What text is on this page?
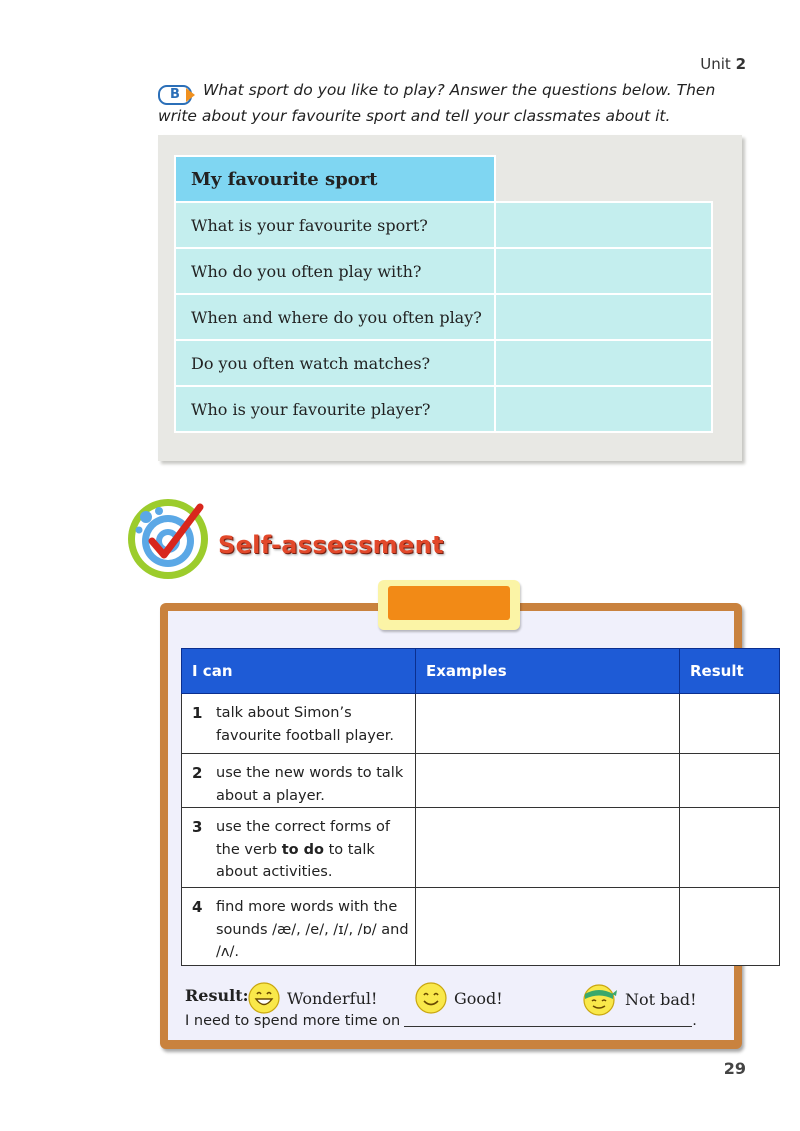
Unit 2
B	What sport do you like to play? Answer the questions below. Then write about your favourite sport and tell your classmates about it.
My favourite sport	
What is your favourite sport?	
Who do you often play with?	
When and where do you often play?	
Do you often watch matches?	
Who is your favourite player?	
Self-assessment
I can	Examples	Result

1 talk about Simon’s favourite football player.		

2 use the new words to talk about a player.		

3 use the correct forms of the verb to do to talk about activities.		

4 find more words with the sounds /æ/, /e/, /ɪ/, /ɒ/ and /ʌ/.		

Result: Wonderful!	Good!	Not bad!
I need to spend more time on	.
29
